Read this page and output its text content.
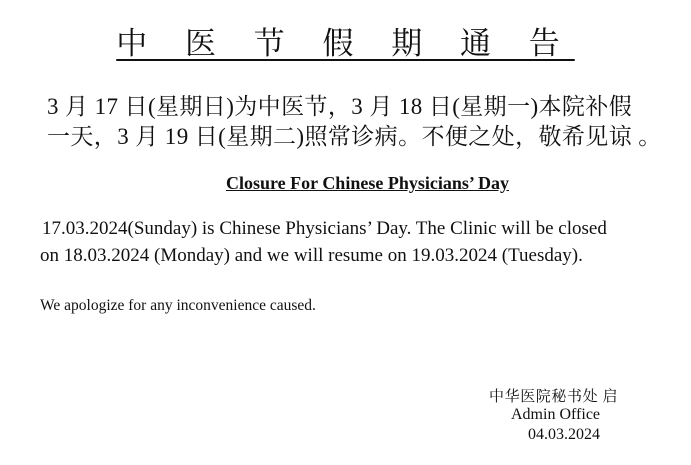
中 医 节 假 期 通 告
3 月 17 日(星期日)为中医节，3 月 18 日(星期一)本院补假
一天，3 月 19 日(星期二)照常诊病。不便之处，敬希见谅 。
Closure For Chinese Physicians’ Day
17.03.2024(Sunday) is Chinese Physicians’ Day. The Clinic will be closed
on 18.03.2024 (Monday) and we will resume on 19.03.2024 (Tuesday).
We apologize for any inconvenience caused.
中华医院秘书处 启
Admin Office
04.03.2024
